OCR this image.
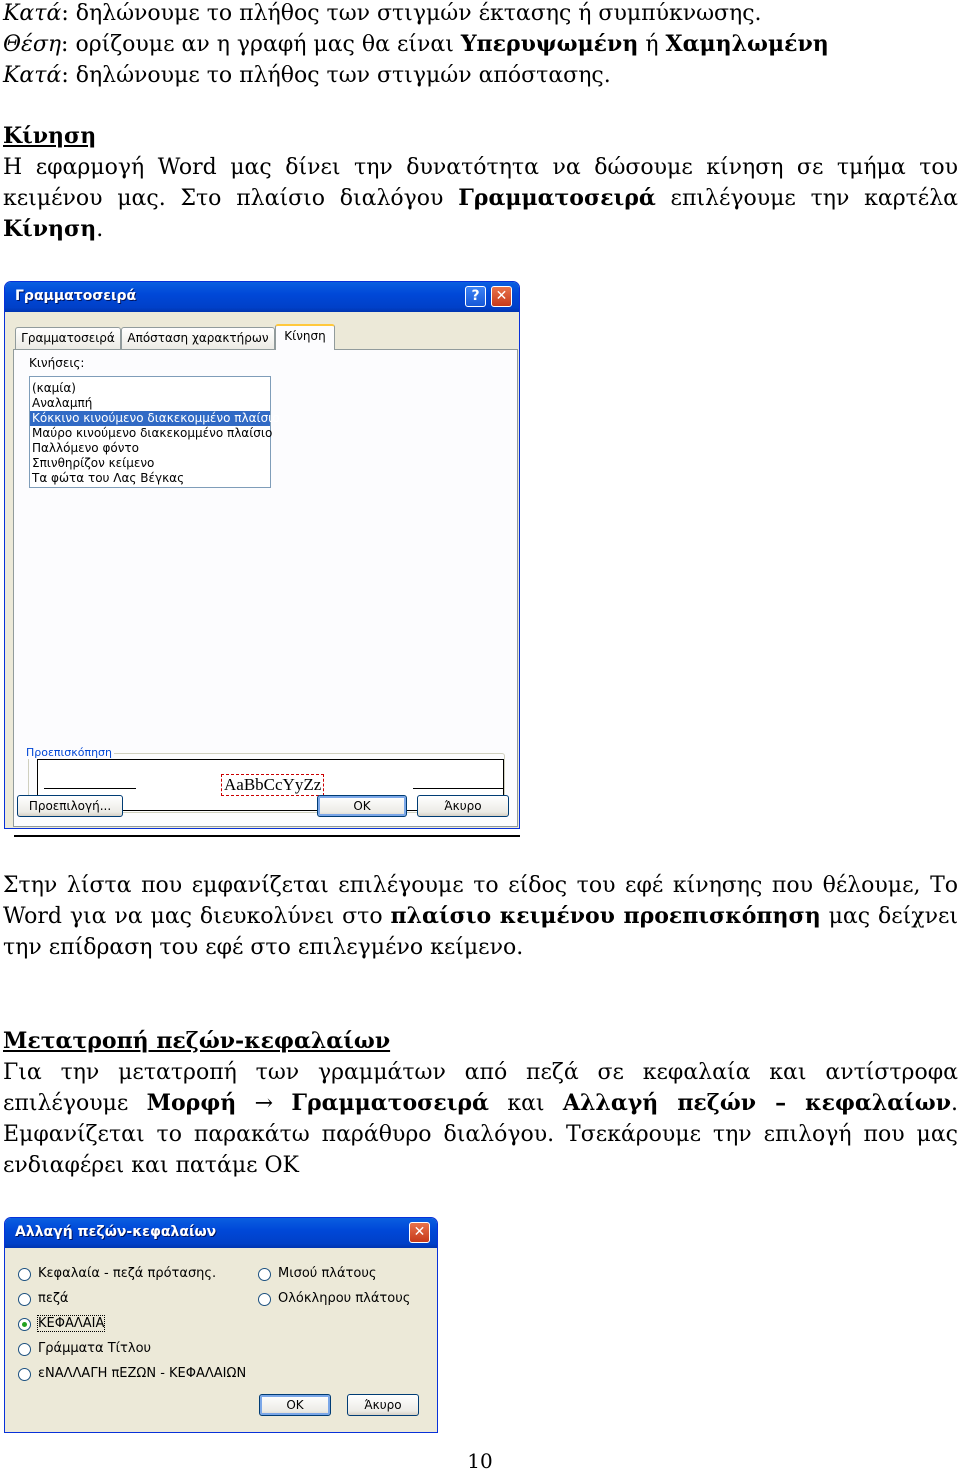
Κατά: δηλώνουμε το πλήθος των στιγμών έκτασης ή συμπύκνωσης.
Θέση: ορίζουμε αν η γραφή μας θα είναι Υπερυψωμένη ή Χαμηλωμένη
Κατά: δηλώνουμε το πλήθος των στιγμών απόστασης.
Κίνηση
Η εφαρμογή Word μας δίνει την δυνατότητα να δώσουμε κίνηση σε τμήμα του
κειμένου μας. Στο πλαίσιο διαλόγου Γραμματοσειρά επιλέγουμε την καρτέλα
Κίνηση.
Γραμματοσειρά	?	✕
Γραμματοσειρά	Απόσταση χαρακτήρων	Κίνηση
Κινήσεις:
(καμία)
Αναλαμπή
Κόκκινο κινούμενο διακεκομμένο πλαίσιο
Μαύρο κινούμενο διακεκομμένο πλαίσιο
Παλλόμενο φόντο
Σπινθηρίζον κείμενο
Τα φώτα του Λας Βέγκας
Προεπισκόπηση
AaBbCcYyZz
Προεπιλογή...	OK	Άκυρο
Στην λίστα που εμφανίζεται επιλέγουμε το είδος του εφέ κίνησης που θέλουμε, Το
Word για να μας διευκολύνει στο πλαίσιο κειμένου προεπισκόπηση μας δείχνει
την επίδραση του εφέ στο επιλεγμένο κείμενο.
Μετατροπή πεζών-κεφαλαίων
Για την μετατροπή των γραμμάτων από πεζά σε κεφαλαία και αντίστροφα
επιλέγουμε Μορφή → Γραμματοσειρά και Αλλαγή πεζών – κεφαλαίων.
Εμφανίζεται το παρακάτω παράθυρο διαλόγου. Τσεκάρουμε την επιλογή που μας
ενδιαφέρει και πατάμε ΟΚ
Αλλαγή πεζών-κεφαλαίων	✕
Κεφαλαία - πεζά πρότασης.
πεζά
ΚΕΦΑΛΑΙΑ
Γράμματα Τίτλου
εΝΑΛΛΑΓΗ πΕΖΩΝ - ΚΕΦΑΛΑΙΩΝ
Μισού πλάτους
Ολόκληρου πλάτους
OK	Άκυρο
10
